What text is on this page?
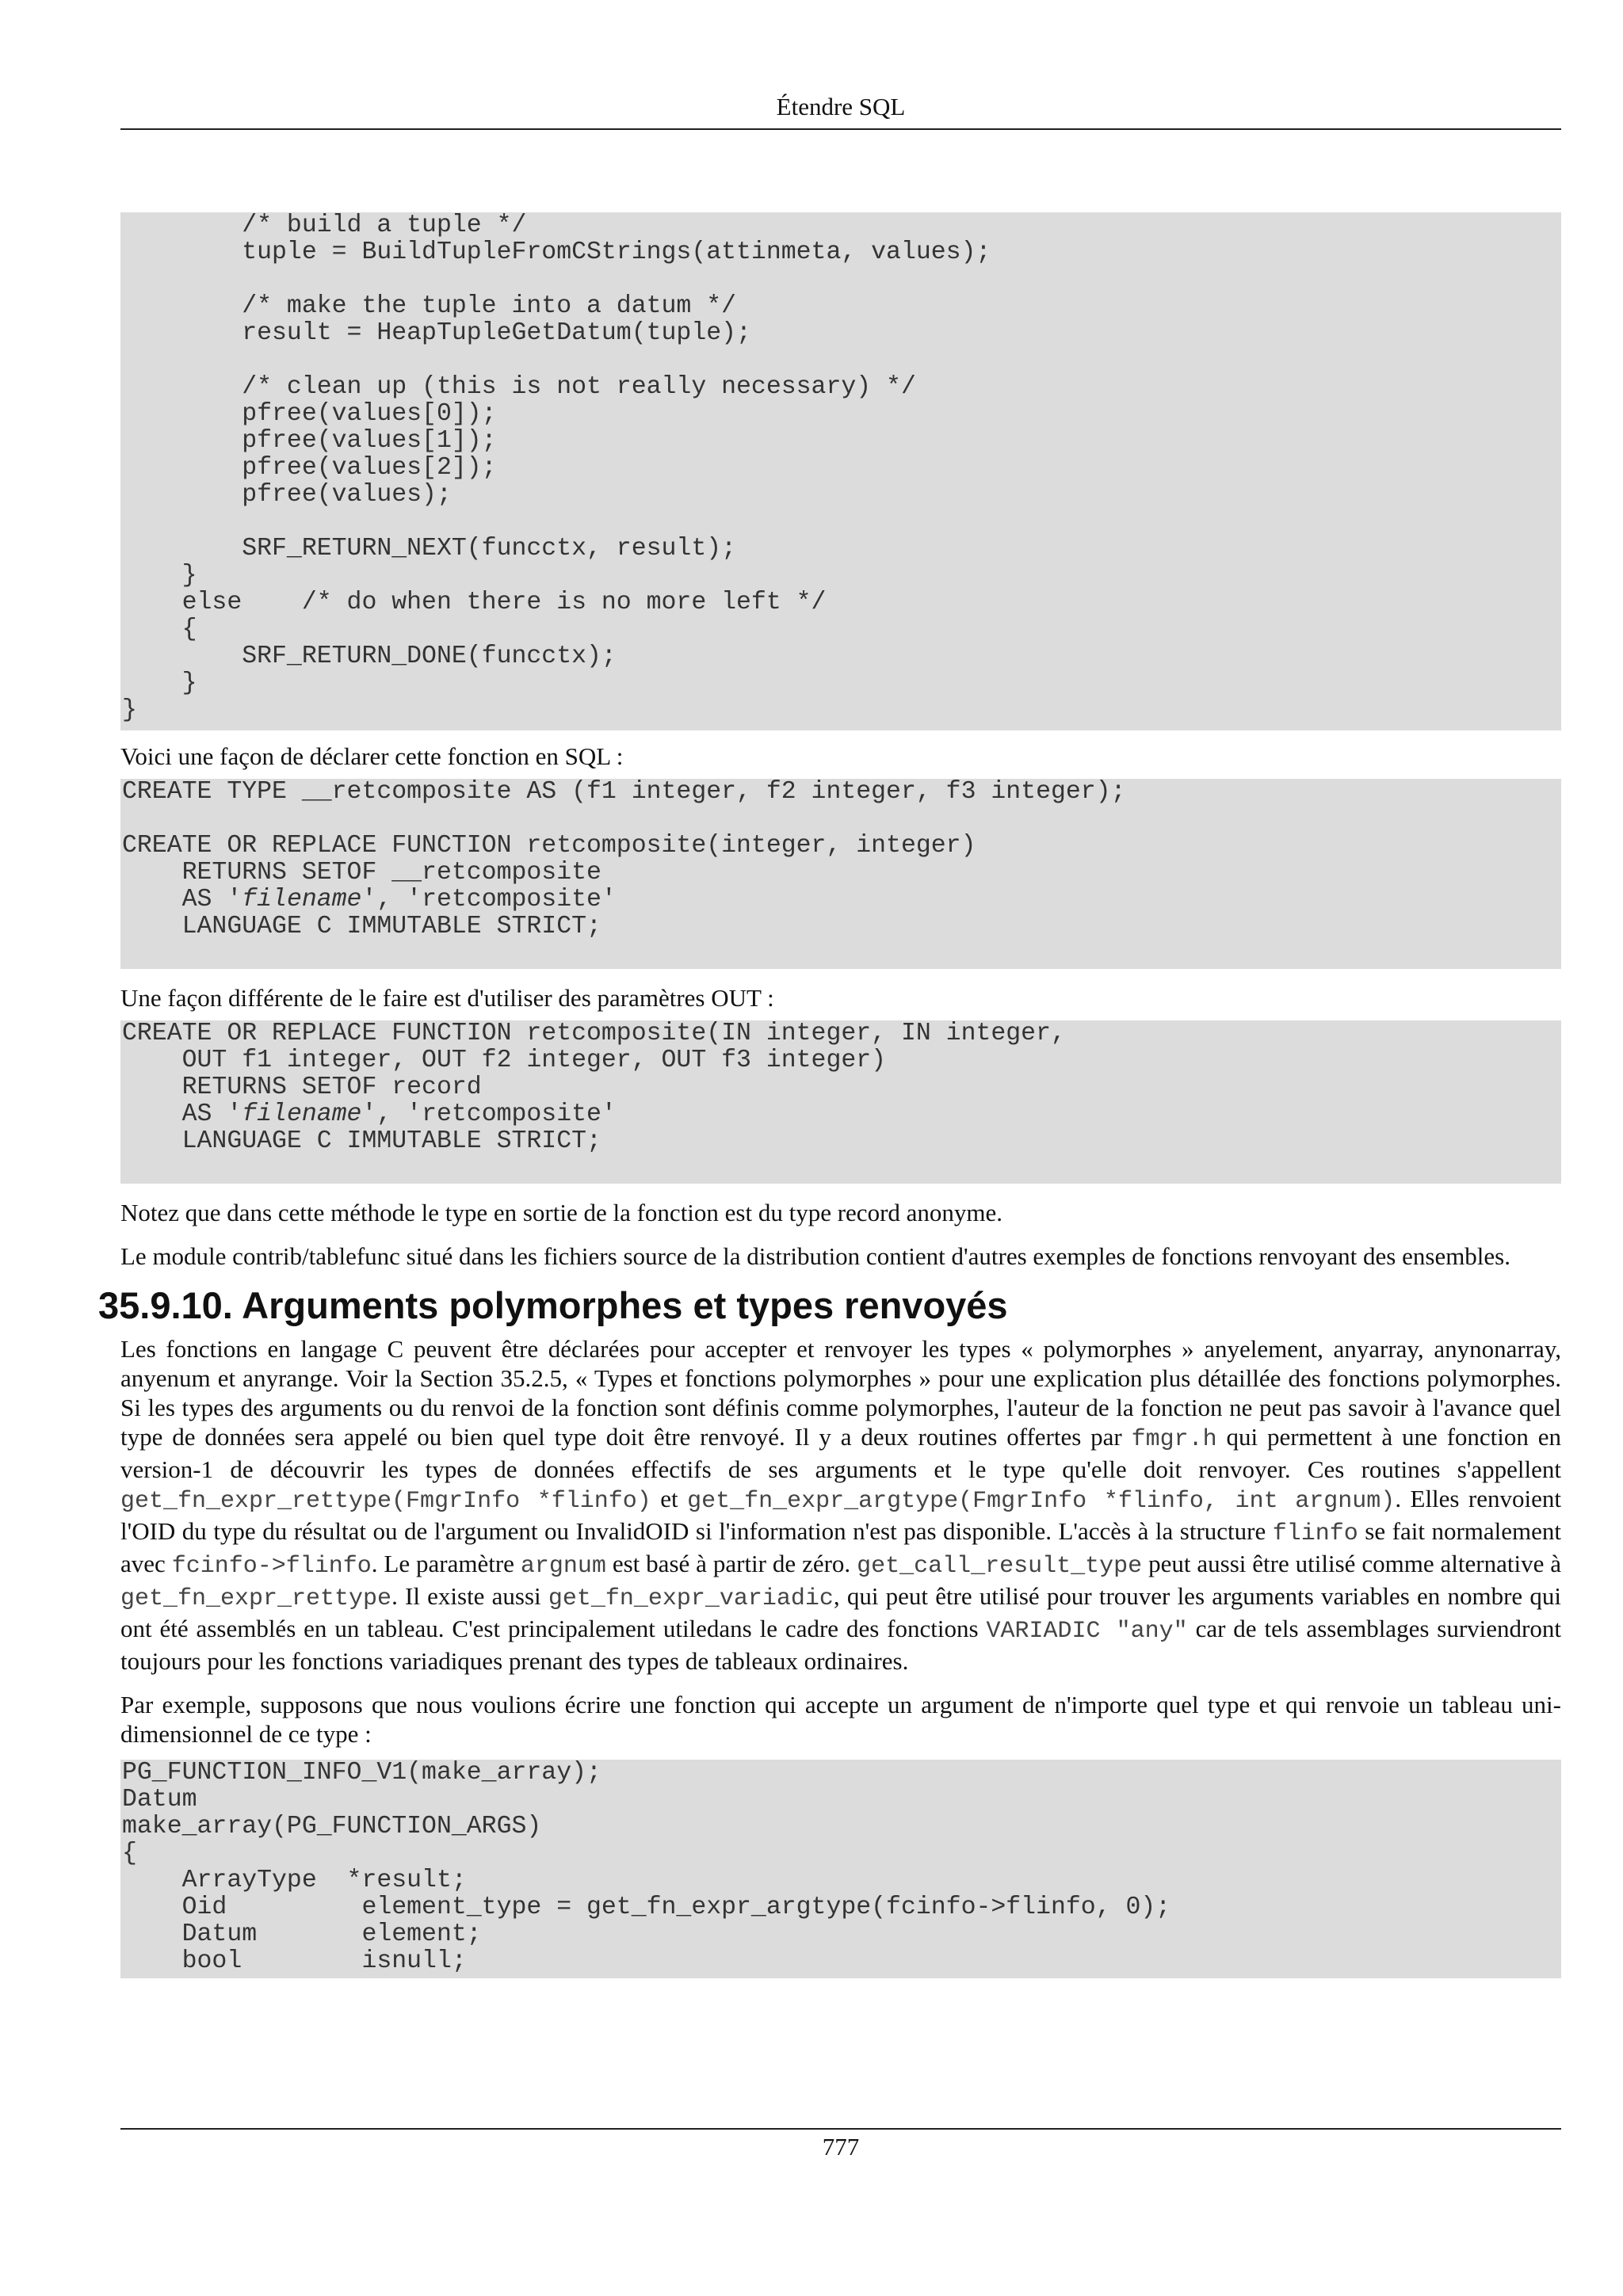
Étendre SQL
/* build a tuple */
tuple = BuildTupleFromCStrings(attinmeta, values);
/* make the tuple into a datum */
result = HeapTupleGetDatum(tuple);
/* clean up (this is not really necessary) */
pfree(values[0]);
pfree(values[1]);
pfree(values[2]);
pfree(values);
SRF_RETURN_NEXT(funcctx, result);
}
else    /* do when there is no more left */
{
SRF_RETURN_DONE(funcctx);
}
}

Voici une façon de déclarer cette fonction en SQL :

CREATE TYPE __retcomposite AS (f1 integer, f2 integer, f3 integer);
CREATE OR REPLACE FUNCTION retcomposite(integer, integer)
RETURNS SETOF __retcomposite
AS 'filename', 'retcomposite'
LANGUAGE C IMMUTABLE STRICT;

Une façon différente de le faire est d'utiliser des paramètres OUT :

CREATE OR REPLACE FUNCTION retcomposite(IN integer, IN integer,
OUT f1 integer, OUT f2 integer, OUT f3 integer)
RETURNS SETOF record
AS 'filename', 'retcomposite'
LANGUAGE C IMMUTABLE STRICT;

Notez que dans cette méthode le type en sortie de la fonction est du type record anonyme.

Le module contrib/tablefunc situé dans les fichiers source de la distribution contient d'autres exemples de fonctions renvoyant des ensembles.

35.9.10. Arguments polymorphes et types renvoyés

Les fonctions en langage C peuvent être déclarées pour accepter et renvoyer les types « polymorphes » anyelement, anyarray, anynonarray, anyenum et anyrange. Voir la Section 35.2.5, « Types et fonctions polymorphes » pour une explication plus détaillée des fonctions polymorphes. Si les types des arguments ou du renvoi de la fonction sont définis comme polymorphes, l'auteur de la fonction ne peut pas savoir à l'avance quel type de données sera appelé ou bien quel type doit être renvoyé. Il y a deux routines offertes par fmgr.h qui permettent à une fonction en version-1 de découvrir les types de données effectifs de ses arguments et le type qu'elle doit renvoyer. Ces routines s'appellent get_fn_expr_rettype(FmgrInfo *flinfo) et get_fn_expr_argtype(FmgrInfo *flinfo, int argnum). Elles renvoient l'OID du type du résultat ou de l'argument ou InvalidOID si l'information n'est pas disponible. L'accès à la structure flinfo se fait normalement avec fcinfo->flinfo. Le paramètre argnum est basé à partir de zéro. get_call_result_type peut aussi être utilisé comme alternative à get_fn_expr_rettype. Il existe aussi get_fn_expr_variadic, qui peut être utilisé pour trouver les arguments variables en nombre qui ont été assemblés en un tableau. C'est principalement utiledans le cadre des fonctions VARIADIC "any" car de tels assemblages surviendront toujours pour les fonctions variadiques prenant des types de tableaux ordinaires.

Par exemple, supposons que nous voulions écrire une fonction qui accepte un argument de n'importe quel type et qui renvoie un tableau uni-dimensionnel de ce type :

PG_FUNCTION_INFO_V1(make_array);
Datum
make_array(PG_FUNCTION_ARGS)
{
ArrayType  *result;
Oid         element_type = get_fn_expr_argtype(fcinfo->flinfo, 0);
Datum       element;
bool        isnull;
777
